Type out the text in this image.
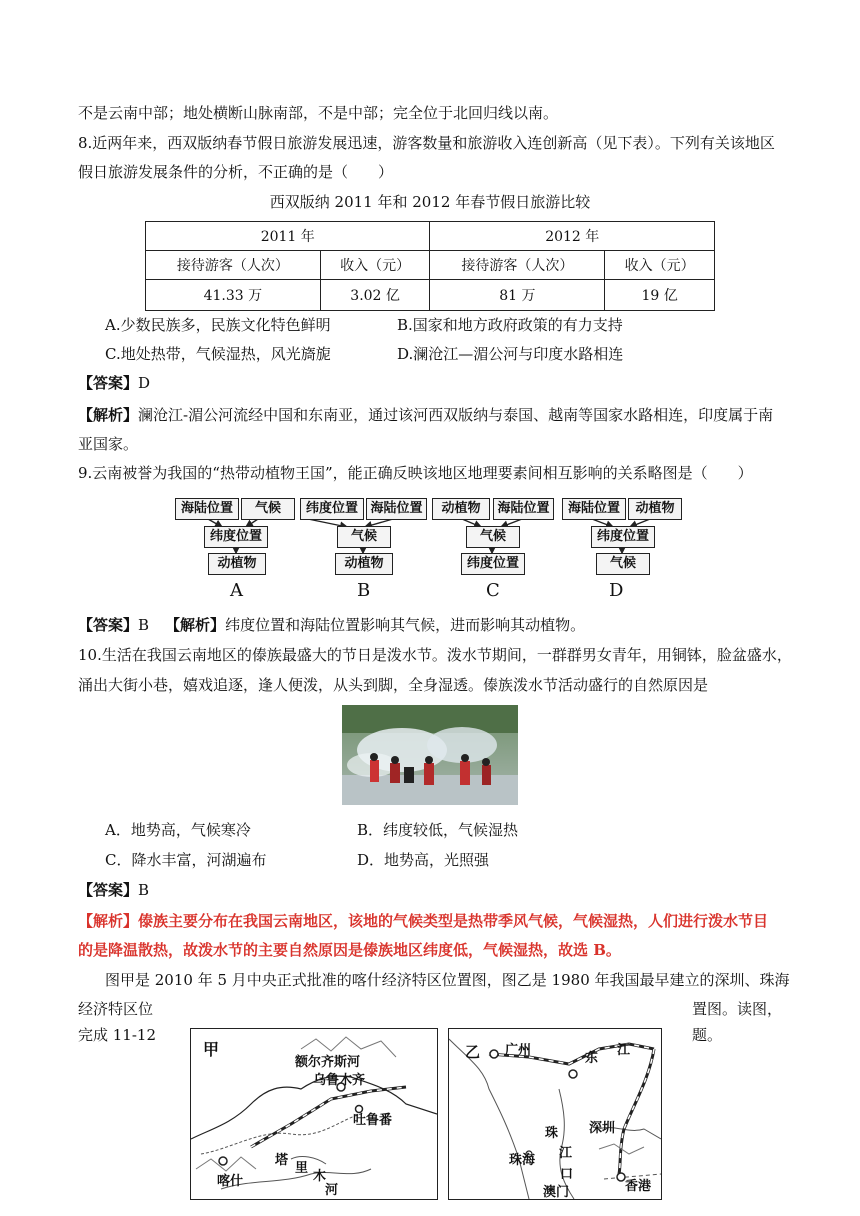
不是云南中部；地处横断山脉南部，不是中部；完全位于北回归线以南。
8.近两年来，西双版纳春节假日旅游发展迅速，游客数量和旅游收入连创新高（见下表）。下列有关该地区
假日旅游发展条件的分析，不正确的是（　　）
西双版纳 2011 年和 2012 年春节假日旅游比较
2011 年		2012 年	
接待游客（人次）	收入（元）	接待游客（人次）	收入（元）
41.33 万	3.02 亿	81 万	19 亿
A.少数民族多，民族文化特色鲜明	B.国家和地方政府政策的有力支持
C.地处热带，气候湿热，风光旖旎	D.澜沧江—湄公河与印度水路相连
【答案】D
【解析】澜沧江-湄公河流经中国和东南亚，通过该河西双版纳与泰国、越南等国家水路相连，印度属于南
亚国家。
9.云南被誉为我国的“热带动植物王国”，能正确反映该地区地理要素间相互影响的关系略图是（　　）
海陆位置	气候
纬度位置
动植物
A
纬度位置 海陆位置
气候
动植物
B
动植物	海陆位置
气候
纬度位置
C
海陆位置	动植物
纬度位置
气候
D
【答案】B 【解析】纬度位置和海陆位置影响其气候，进而影响其动植物。
10.生活在我国云南地区的傣族最盛大的节日是泼水节。泼水节期间，一群群男女青年，用铜钵，脸盆盛水，
涌出大街小巷，嬉戏追逐，逢人便泼，从头到脚，全身湿透。傣族泼水节活动盛行的自然原因是
A．地势高，气候寒冷	B．纬度较低，气候湿热
C．降水丰富，河湖遍布	D．地势高，光照强
【答案】B
【解析】傣族主要分布在我国云南地区，该地的气候类型是热带季风气候，气候湿热，人们进行泼水节目
的是降温散热，故泼水节的主要自然原因是傣族地区纬度低，气候湿热，故选 B。
图甲是 2010 年 5 月中央正式批准的喀什经济特区位置图，图乙是 1980 年我国最早建立的深圳、珠海
经济特区位	置图。读图，
完成 11-12	题。
甲
额尔齐斯河
乌鲁木齐
吐鲁番
塔
里
木
河
喀什
乙 广州
东
江
珠 深圳
江
珠海
口
澳门	香港
